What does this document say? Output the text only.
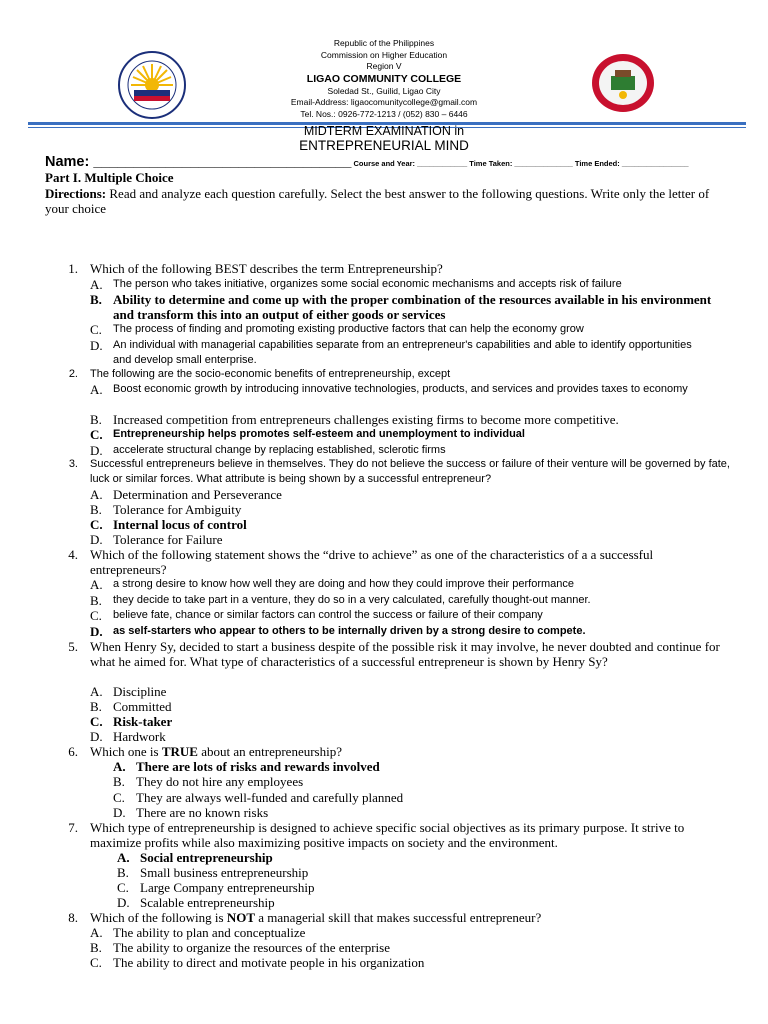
Republic of the Philippines
Commission on Higher Education
Region V
LIGAO COMMUNITY COLLEGE
Soledad St., Guilid, Ligao City
Email-Address: ligaocomunitycollege@gmail.com
Tel. Nos.: 0926-772-1213 / (052) 830 – 6446
MIDTERM EXAMINATION in
ENTREPRENEURIAL MIND
Name: ________________________________ Course and Year: ____________ Time Taken: ______________ Time Ended: ________________
Part I. Multiple Choice
Directions: Read and analyze each question carefully. Select the best answer to the following questions. Write only the letter of your choice
1. Which of the following BEST describes the term Entrepreneurship?
A. The person who takes initiative, organizes some social economic mechanisms and accepts risk of failure
B. Ability to determine and come up with the proper combination of the resources available in his environment and transform this into an output of either goods or services
C. The process of finding and promoting existing productive factors that can help the economy grow
D. An individual with managerial capabilities separate from an entrepreneur's capabilities and able to identify opportunities and develop small enterprise.
2. The following are the socio-economic benefits of entrepreneurship, except
A. Boost economic growth by introducing innovative technologies, products, and services and provides taxes to economy
B. Increased competition from entrepreneurs challenges existing firms to become more competitive.
C. Entrepreneurship helps promotes self-esteem and unemployment to individual
D. accelerate structural change by replacing established, sclerotic firms
3. Successful entrepreneurs believe in themselves. They do not believe the success or failure of their venture will be governed by fate, luck or similar forces. What attribute is being shown by a successful entrepreneur?
A. Determination and Perseverance
B. Tolerance for Ambiguity
C. Internal locus of control
D. Tolerance for Failure
4. Which of the following statement shows the “drive to achieve” as one of the characteristics of a a successful entrepreneurs?
A. a strong desire to know how well they are doing and how they could improve their performance
B. they decide to take part in a venture, they do so in a very calculated, carefully thought-out manner.
C. believe fate, chance or similar factors can control the success or failure of their company
D. as self-starters who appear to others to be internally driven by a strong desire to compete.
5. When Henry Sy, decided to start a business despite of the possible risk it may involve, he never doubted and continue for what he aimed for. What type of characteristics of a successful entrepreneur is shown by Henry Sy?
A. Discipline
B. Committed
C. Risk-taker
D. Hardwork
6. Which one is TRUE about an entrepreneurship?
A. There are lots of risks and rewards involved
B. They do not hire any employees
C. They are always well-funded and carefully planned
D. There are no known risks
7. Which type of entrepreneurship is designed to achieve specific social objectives as its primary purpose. It strive to maximize profits while also maximizing positive impacts on society and the environment.
A. Social entrepreneurship
B. Small business entrepreneurship
C. Large Company entrepreneurship
D. Scalable entrepreneurship
8. Which of the following is NOT a managerial skill that makes successful entrepreneur?
A. The ability to plan and conceptualize
B. The ability to organize the resources of the enterprise
C. The ability to direct and motivate people in his organization
